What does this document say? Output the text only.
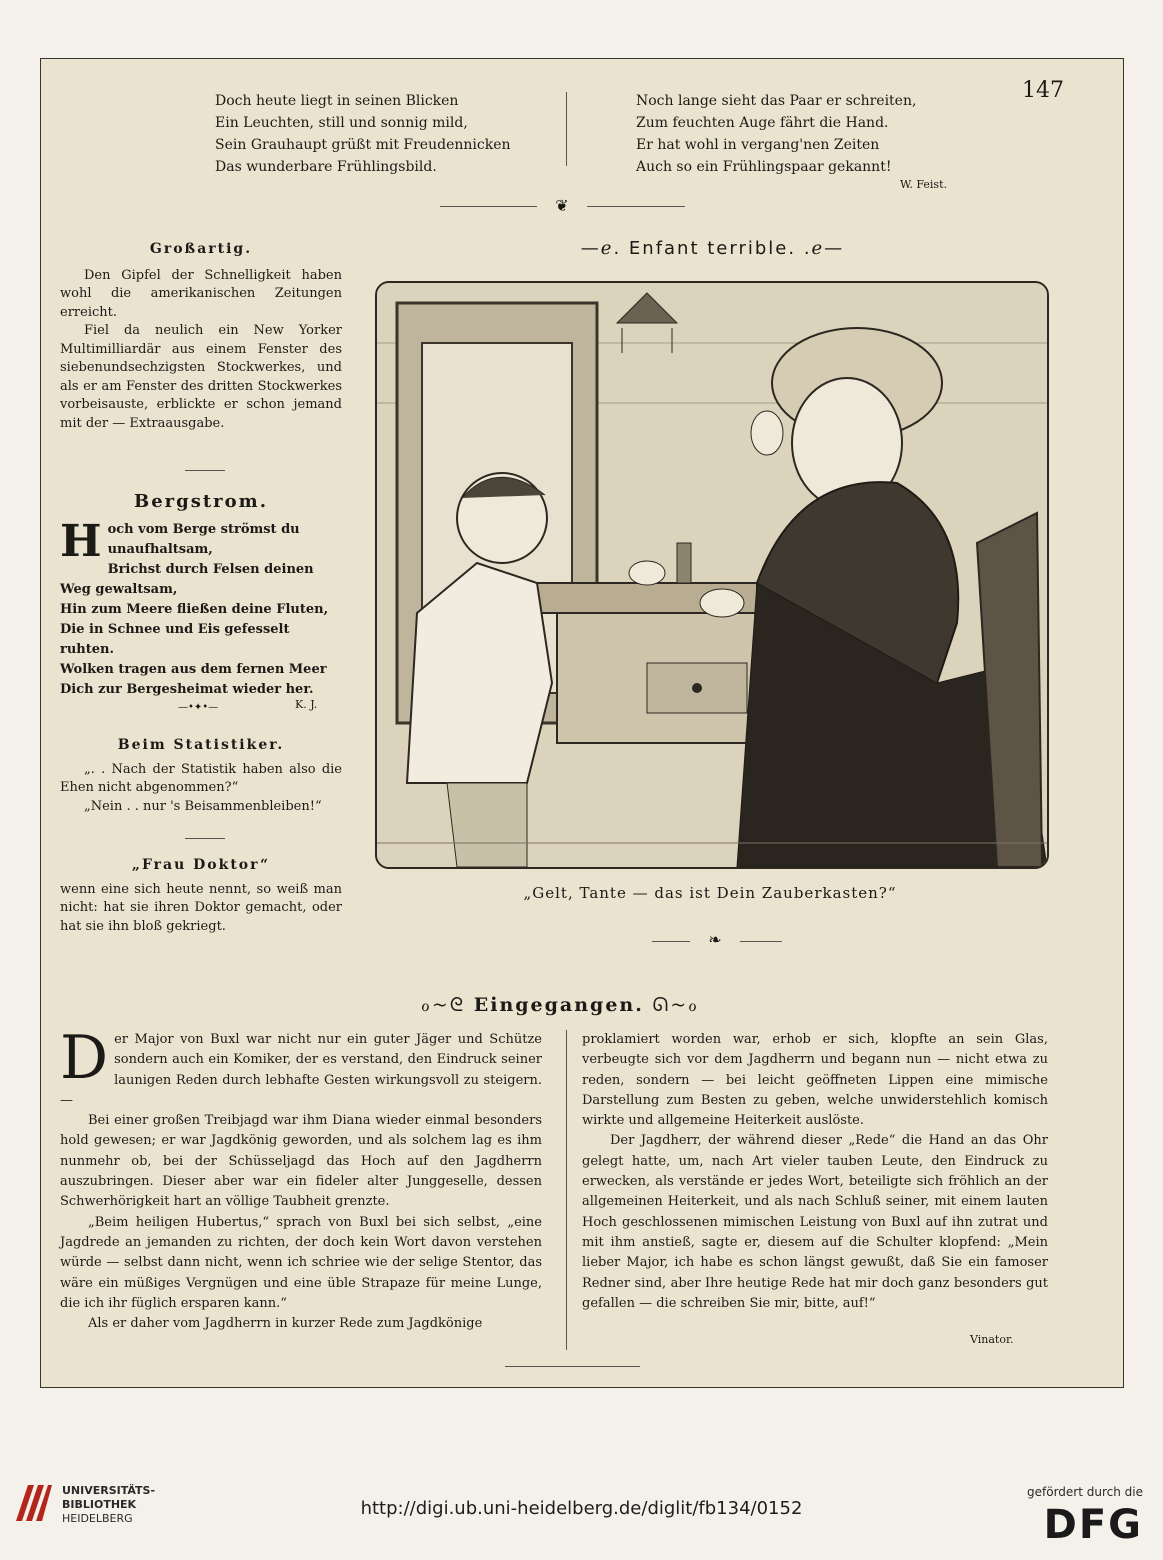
147
Doch heute liegt in seinen Blicken
Ein Leuchten, still und sonnig mild,
Sein Grauhaupt grüßt mit Freudennicken
Das wunderbare Frühlingsbild.
Noch lange sieht das Paar er schreiten,
Zum feuchten Auge fährt die Hand.
Er hat wohl in vergang'nen Zeiten
Auch so ein Frühlingspaar gekannt!
W. Feist.
❦
Großartig.

Den Gipfel der Schnelligkeit haben wohl die amerikanischen Zeitungen erreicht.

Fiel da neulich ein New Yorker Multimilliardär aus einem Fenster des siebenundsechzigsten Stockwerkes, und als er am Fenster des dritten Stockwerkes vorbeisauste, erblickte er schon jemand mit der — Extraausgabe.

Bergstrom.
H och vom Berge strömst du unaufhaltsam,
Brichst durch Felsen deinen Weg gewaltsam,
Hin zum Meere fließen deine Fluten,
Die in Schnee und Eis gefesselt ruhten.
Wolken tragen aus dem fernen Meer
Dich zur Bergesheimat wieder her.
—•✦•—	K. J.
Beim Statistiker.

„. . Nach der Statistik haben also die Ehen nicht abgenommen?“

„Nein . . nur 's Beisammenbleiben!“

„Frau Doktor“

wenn eine sich heute nennt, so weiß man nicht: hat sie ihren Doktor gemacht, oder hat sie ihn bloß gekriegt.

—ℯ. Enfant terrible. .ℯ—
„Gelt, Tante — das ist Dein Zauberkasten?“
❧
ℴ~ᘓ Eingegangen. ᘏ~ℴ
D er Major von Buxl war nicht nur ein guter Jäger und Schütze sondern auch ein Komiker, der es verstand, den Eindruck seiner launigen Reden durch lebhafte Gesten wirkungsvoll zu steigern. —

Bei einer großen Treibjagd war ihm Diana wieder einmal besonders hold gewesen; er war Jagdkönig geworden, und als solchem lag es ihm nunmehr ob, bei der Schüsseljagd das Hoch auf den Jagdherrn auszubringen. Dieser aber war ein fideler alter Junggeselle, dessen Schwerhörigkeit hart an völlige Taubheit grenzte.

„Beim heiligen Hubertus,“ sprach von Buxl bei sich selbst, „eine Jagdrede an jemanden zu richten, der doch kein Wort davon verstehen würde — selbst dann nicht, wenn ich schriee wie der selige Stentor, das wäre ein müßiges Vergnügen und eine üble Strapaze für meine Lunge, die ich ihr füglich ersparen kann.“

Als er daher vom Jagdherrn in kurzer Rede zum Jagdkönige

proklamiert worden war, erhob er sich, klopfte an sein Glas, verbeugte sich vor dem Jagdherrn und begann nun — nicht etwa zu reden, sondern — bei leicht geöffneten Lippen eine mimische Darstellung zum Besten zu geben, welche unwiderstehlich komisch wirkte und allgemeine Heiterkeit auslöste.

Der Jagdherr, der während dieser „Rede“ die Hand an das Ohr gelegt hatte, um, nach Art vieler tauben Leute, den Eindruck zu erwecken, als verstände er jedes Wort, beteiligte sich fröhlich an der allgemeinen Heiterkeit, und als nach Schluß seiner, mit einem lauten Hoch geschlossenen mimischen Leistung von Buxl auf ihn zutrat und mit ihm anstieß, sagte er, diesem auf die Schulter klopfend: „Mein lieber Major, ich habe es schon längst gewußt, daß Sie ein famoser Redner sind, aber Ihre heutige Rede hat mir doch ganz besonders gut gefallen — die schreiben Sie mir, bitte, auf!“

Vinator.
UNIVERSITÄTS-
BIBLIOTHEK
HEIDELBERG	http://digi.ub.uni-heidelberg.de/diglit/fb134/0152
gefördert durch die
DFG
